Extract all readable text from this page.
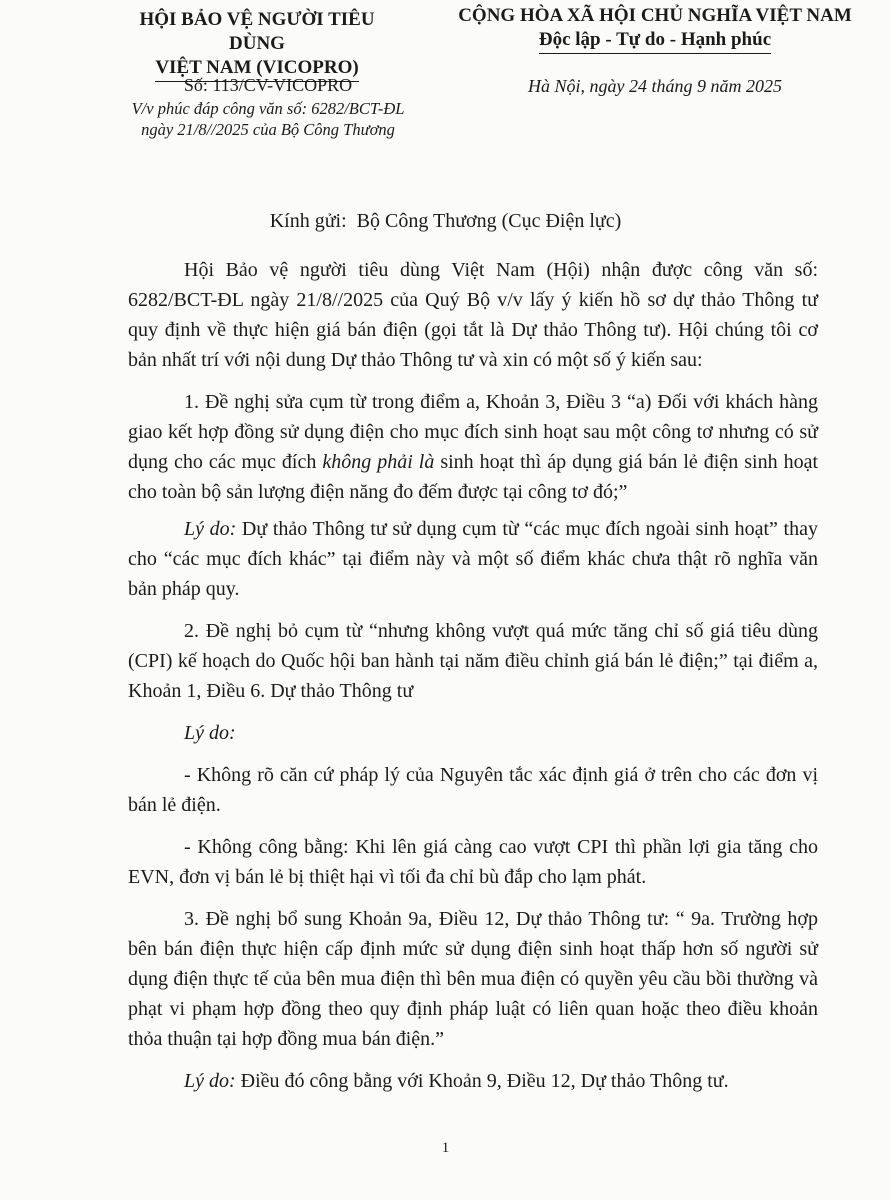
HỘI BẢO VỆ NGƯỜI TIÊU DÙNG
VIỆT NAM (VICOPRO)
CỘNG HÒA XÃ HỘI CHỦ NGHĨA VIỆT NAM
Độc lập - Tự do - Hạnh phúc
Số: 113/CV-VICOPRO
V/v phúc đáp công văn số: 6282/BCT-ĐL
ngày 21/8//2025 của Bộ Công Thương
Hà Nội, ngày 24 tháng 9 năm 2025
Kính gửi: Bộ Công Thương (Cục Điện lực)

Hội Bảo vệ người tiêu dùng Việt Nam (Hội) nhận được công văn số: 6282/BCT-ĐL ngày 21/8//2025 của Quý Bộ v/v lấy ý kiến hồ sơ dự thảo Thông tư quy định về thực hiện giá bán điện (gọi tắt là Dự thảo Thông tư). Hội chúng tôi cơ bản nhất trí với nội dung Dự thảo Thông tư và xin có một số ý kiến sau:

1. Đề nghị sửa cụm từ trong điểm a, Khoản 3, Điều 3 “a) Đối với khách hàng giao kết hợp đồng sử dụng điện cho mục đích sinh hoạt sau một công tơ nhưng có sử dụng cho các mục đích không phải là sinh hoạt thì áp dụng giá bán lẻ điện sinh hoạt cho toàn bộ sản lượng điện năng đo đếm được tại công tơ đó;”

Lý do: Dự thảo Thông tư sử dụng cụm từ “các mục đích ngoài sinh hoạt” thay cho “các mục đích khác” tại điểm này và một số điểm khác chưa thật rõ nghĩa văn bản pháp quy.

2. Đề nghị bỏ cụm từ “nhưng không vượt quá mức tăng chỉ số giá tiêu dùng (CPI) kế hoạch do Quốc hội ban hành tại năm điều chỉnh giá bán lẻ điện;” tại điểm a, Khoản 1, Điều 6. Dự thảo Thông tư

Lý do:

- Không rõ căn cứ pháp lý của Nguyên tắc xác định giá ở trên cho các đơn vị bán lẻ điện.

- Không công bằng: Khi lên giá càng cao vượt CPI thì phần lợi gia tăng cho EVN, đơn vị bán lẻ bị thiệt hại vì tối đa chỉ bù đắp cho lạm phát.

3. Đề nghị bổ sung Khoản 9a, Điều 12, Dự thảo Thông tư: “ 9a. Trường hợp bên bán điện thực hiện cấp định mức sử dụng điện sinh hoạt thấp hơn số người sử dụng điện thực tế của bên mua điện thì bên mua điện có quyền yêu cầu bồi thường và phạt vi phạm hợp đồng theo quy định pháp luật có liên quan hoặc theo điều khoản thỏa thuận tại hợp đồng mua bán điện.”

Lý do: Điều đó công bằng với Khoản 9, Điều 12, Dự thảo Thông tư.

1
